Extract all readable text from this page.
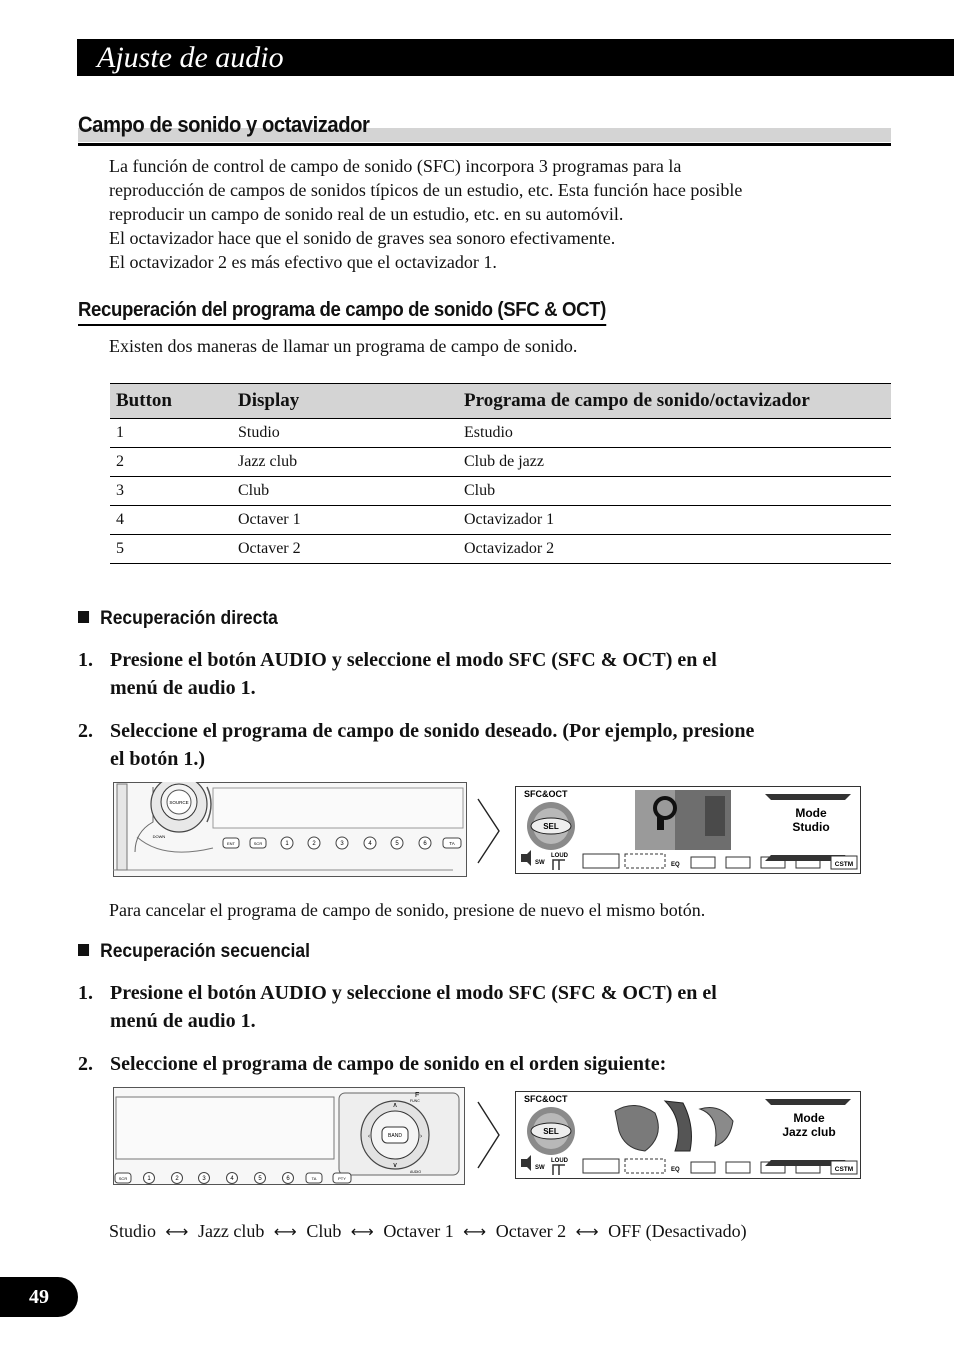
Ajuste de audio
Campo de sonido y octavizador
La función de control de campo de sonido (SFC) incorpora 3 programas para la
reproducción de campos de sonidos típicos de un estudio, etc. Esta función hace posible
reproducir un campo de sonido real de un estudio, etc. en su automóvil.
El octavizador hace que el sonido de graves sea sonoro efectivamente.
El octavizador 2 es más efectivo que el octavizador 1.
Recuperación del programa de campo de sonido (SFC & OCT)
Existen dos maneras de llamar un programa de campo de sonido.
Button	Display	Programa de campo de sonido/octavizador
1	Studio	Estudio
2	Jazz club	Club de jazz
3	Club	Club
4	Octaver 1	Octavizador 1
5	Octaver 2	Octavizador 2
Recuperación directa
1. Presione el botón AUDIO y seleccione el modo SFC (SFC & OCT) en el
menú de audio 1.
2. Seleccione el programa de campo de sonido deseado. (Por ejemplo, presione
el botón 1.)
SOURCE
DOWN
ENT	SCR	1	2	3	4	5	6	TA
SFC&OCT
SEL
Mode
Studio
SW
LOUD
EQ	CSTM
Para cancelar el programa de campo de sonido, presione de nuevo el mismo botón.
Recuperación secuencial
1. Presione el botón AUDIO y seleccione el modo SFC (SFC & OCT) en el
menú de audio 1.
2. Seleccione el programa de campo de sonido en el orden siguiente:
BAND
∧
∨
‹	›
F
FUNC
AUDIO
SCR	1	2	3	4	5	6	TA	PTY
SFC&OCT
SEL
Mode
Jazz club
SW
LOUD
EQ	CSTM
Studio ⟷ Jazz club ⟷ Club ⟷ Octaver 1 ⟷ Octaver 2 ⟷ OFF (Desactivado)
49
